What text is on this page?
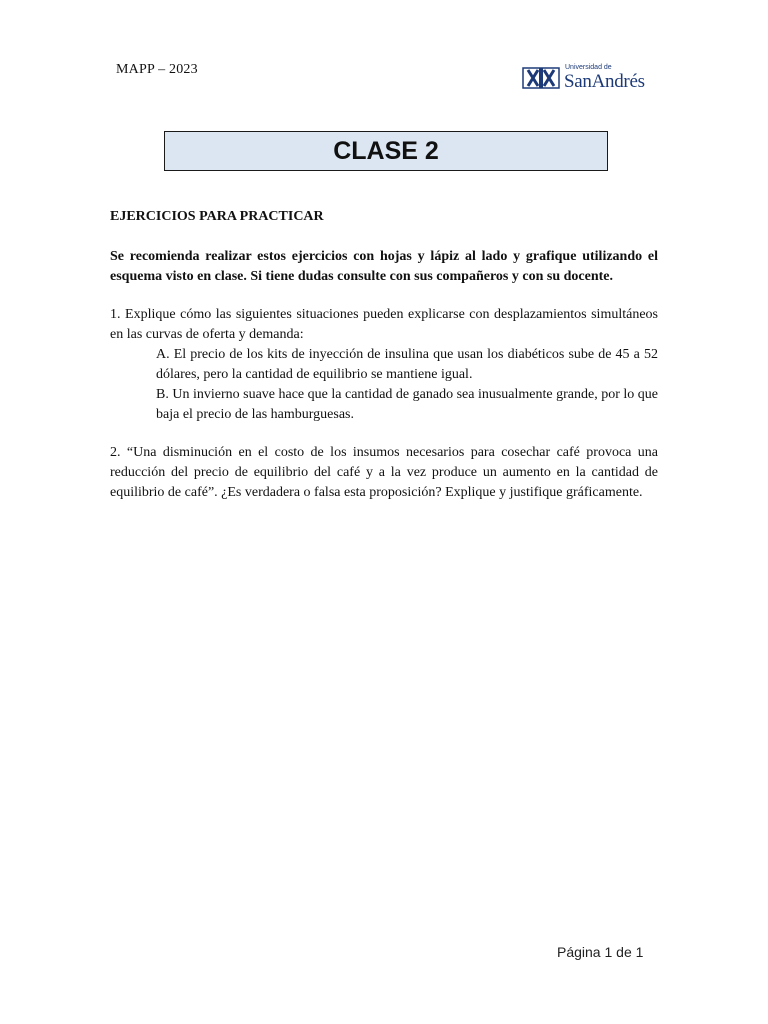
MAPP – 2023	Universidad de
SanAndrés
CLASE 2

EJERCICIOS PARA PRACTICAR

Se recomienda realizar estos ejercicios con hojas y lápiz al lado y grafique utilizando el esquema visto en clase. Si tiene dudas consulte con sus compañeros y con su docente.

1. Explique cómo las siguientes situaciones pueden explicarse con desplazamientos simultáneos en las curvas de oferta y demanda:

A. El precio de los kits de inyección de insulina que usan los diabéticos sube de 45 a 52 dólares, pero la cantidad de equilibrio se mantiene igual.

B. Un invierno suave hace que la cantidad de ganado sea inusualmente grande, por lo que baja el precio de las hamburguesas.

2. “Una disminución en el costo de los insumos necesarios para cosechar café provoca una reducción del precio de equilibrio del café y a la vez produce un aumento en la cantidad de equilibrio de café”. ¿Es verdadera o falsa esta proposición? Explique y justifique gráficamente.

Página 1 de 1
